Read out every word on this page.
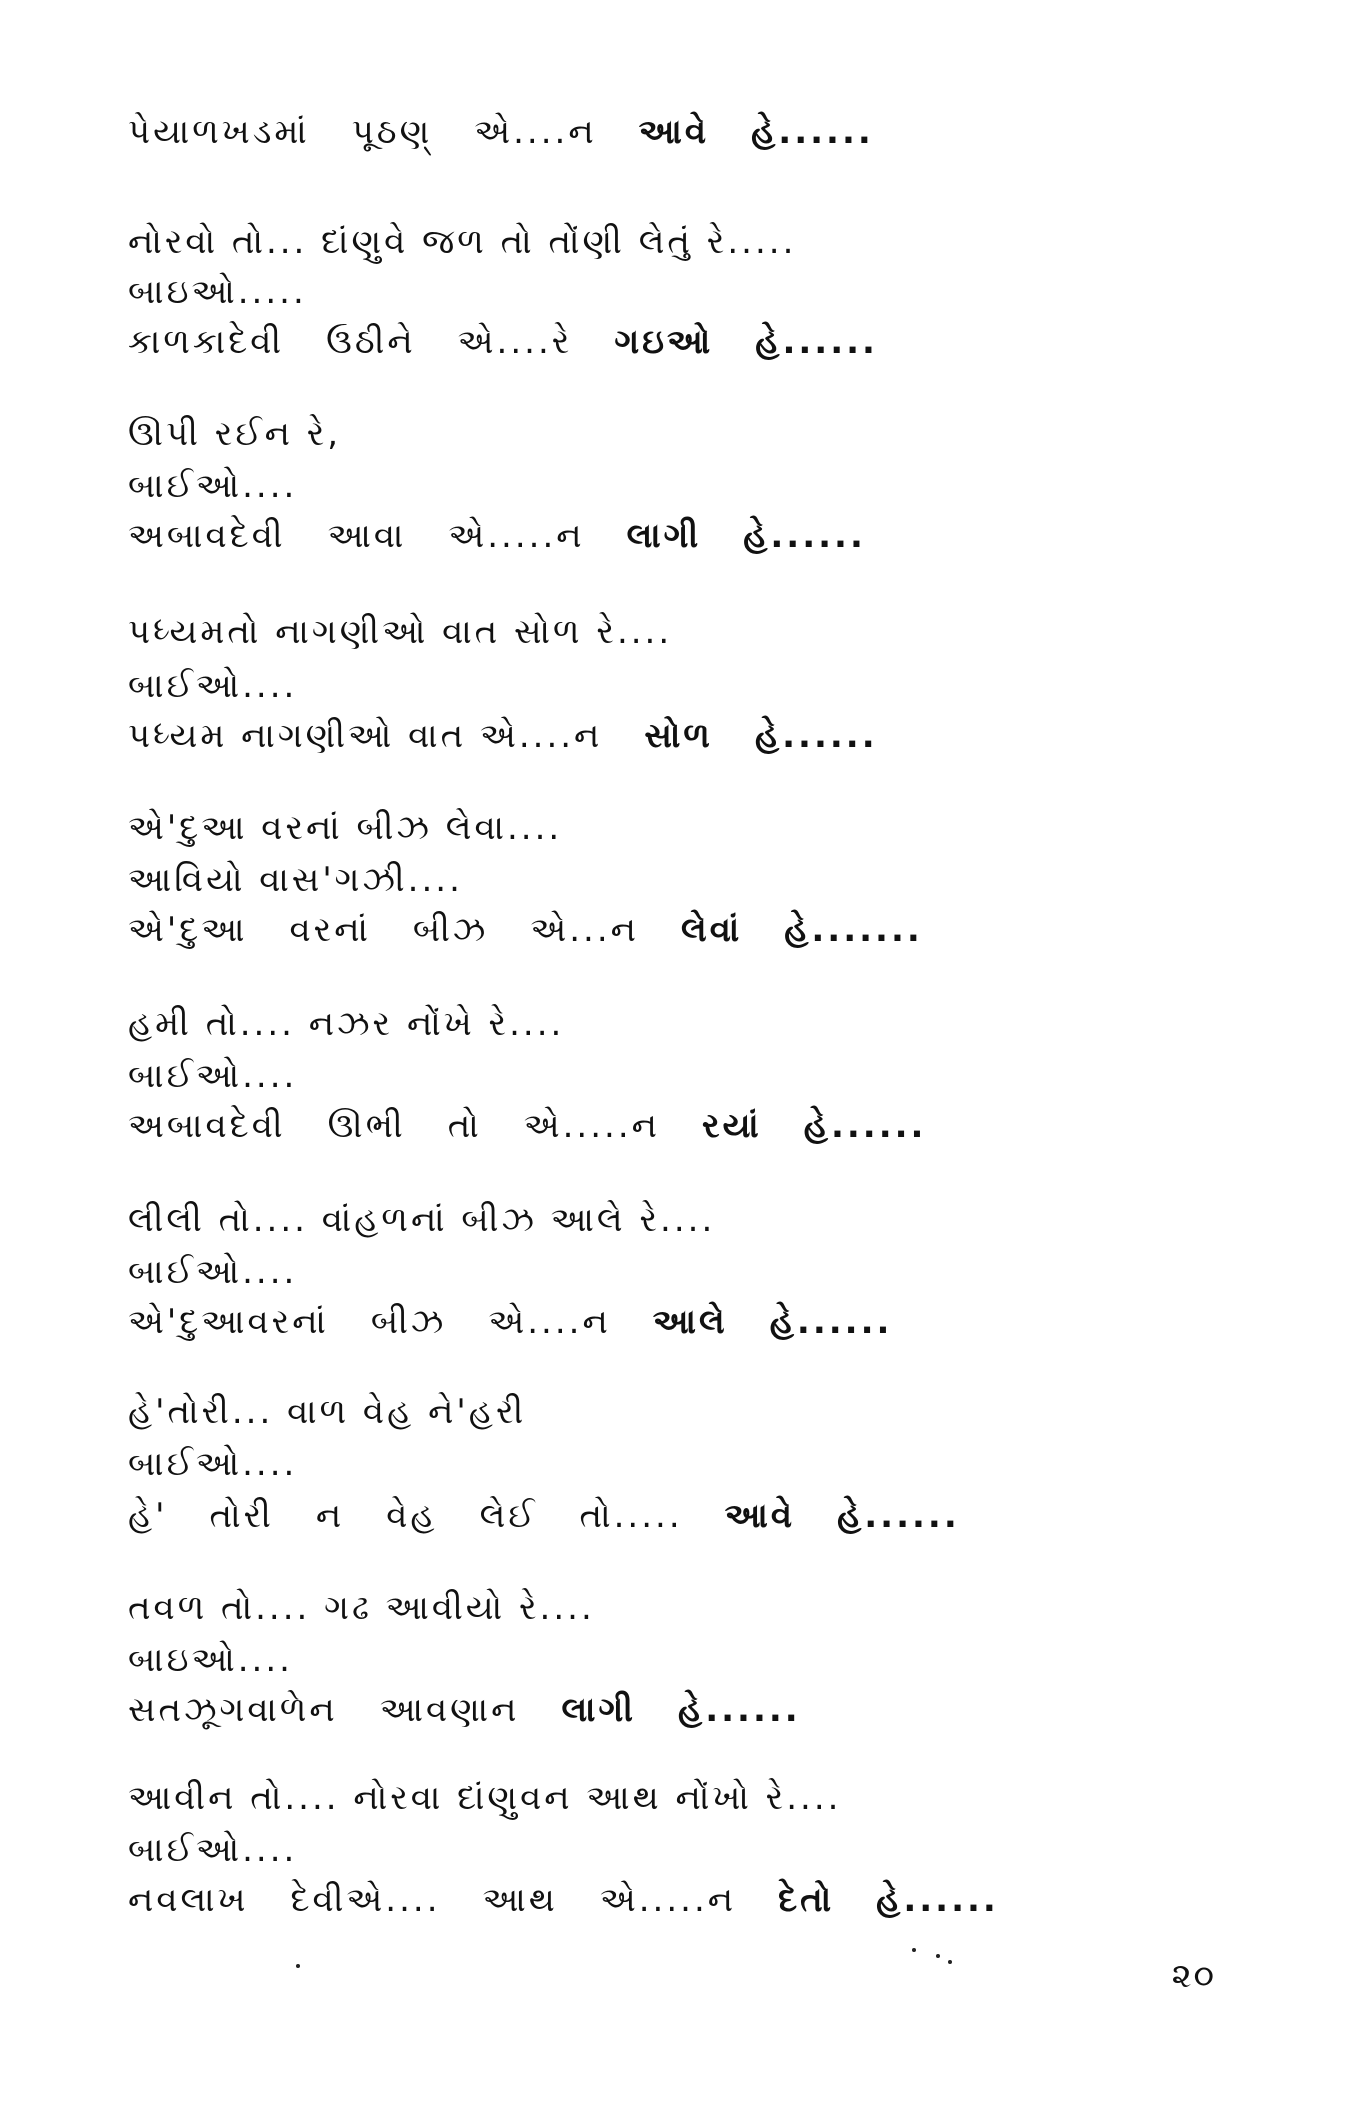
પેયાળખડમાં પૂઠણ્ એ....ન આવે હે......
નોરવો તો... દાંણુવે જળ તો તોંણી લેતું રે.....
બાઇઓ.....
કાળકાદેવી ઉઠીને એ....રે ગઇઓ હે......
ઊપી રઈન રે,
બાઈઓ....
અબાવદેવી આવા એ.....ન લાગી હે......
પધ્યમતો નાગણીઓ વાત સોળ રે....
બાઈઓ....
પધ્યમ નાગણીઓ વાત એ....ન સોળ હે......
એ'દુઆ વરનાં બીઝ લેવા....
આવિયો વાસ'ગઝી....
એ'દુઆ વરનાં બીઝ એ...ન લેવાં હે.......
હમી તો.... નઝર નોંખે રે....
બાઈઓ....
અબાવદેવી ઊભી તો એ.....ન રયાં હે......
લીલી તો.... વાંહળનાં બીઝ આલે રે....
બાઈઓ....
એ'દુઆવરનાં બીઝ એ....ન આલે હે......
હે'તોરી... વાળ વેહ ને'હરી
બાઈઓ....
હે' તોરી ન વેહ લેઈ તો..... આવે હે......
તવળ તો.... ગઢ આવીયો રે....
બાઇઓ....
સતઝૂગવાળેન આવણાન લાગી હે......
આવીન તો.... નોરવા દાંણુવન આથ નોંખો રે....
બાઈઓ....
નવલાખ દેવીએ.... આથ એ.....ન દેતો હે......
૨૦
